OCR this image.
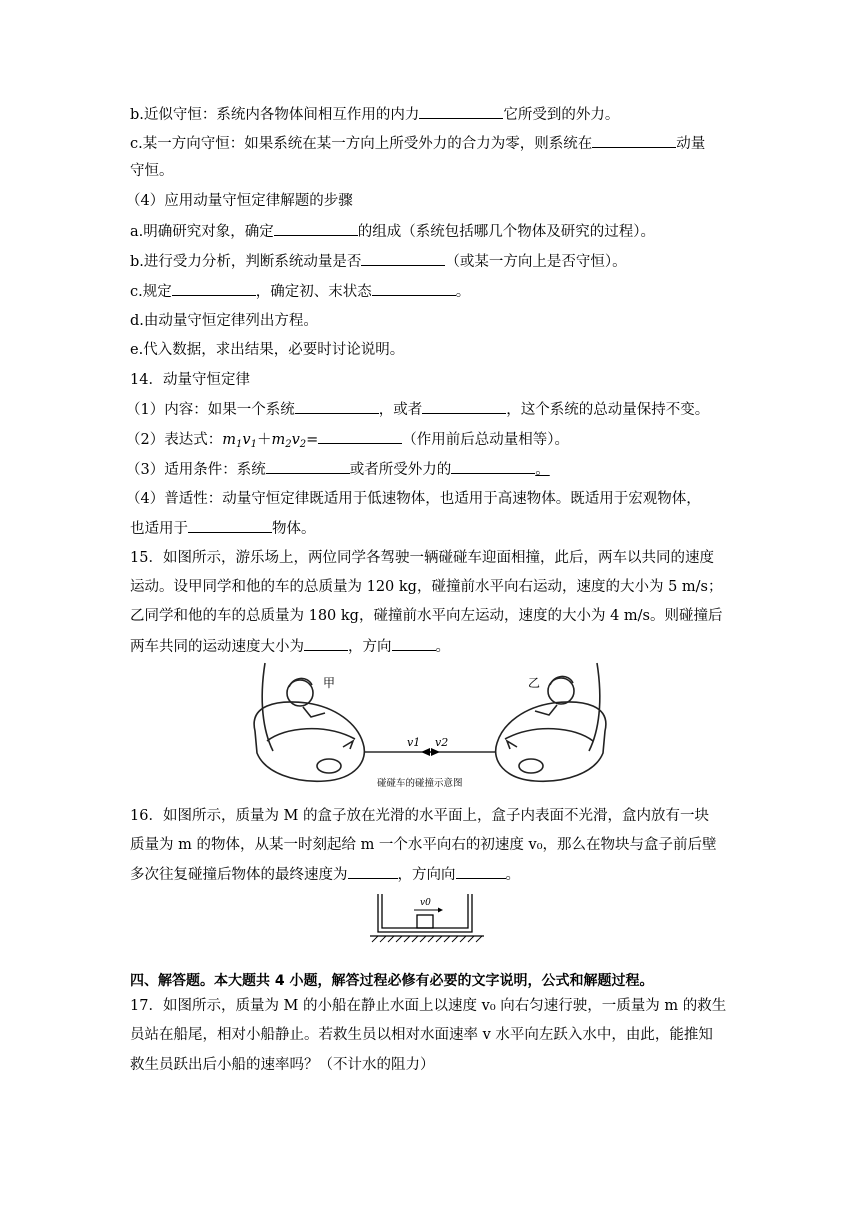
b.近似守恒：系统内各物体间相互作用的内力	它所受到的外力。
c.某一方向守恒：如果系统在某一方向上所受外力的合力为零，则系统在	动量
守恒。
（4）应用动量守恒定律解题的步骤
a.明确研究对象，确定	的组成（系统包括哪几个物体及研究的过程）。
b.进行受力分析，判断系统动量是否	（或某一方向上是否守恒）。
c.规定	，确定初、末状态	。
d.由动量守恒定律列出方程。
e.代入数据，求出结果，必要时讨论说明。
14．动量守恒定律
（1）内容：如果一个系统	，或者	，这个系统的总动量保持不变。
（2）表达式：$m_1v_1+m_2v_2=$	（作用前后总动量相等）。
（3）适用条件：系统	或者所受外力的	。
（4）普适性：动量守恒定律既适用于低速物体，也适用于高速物体。既适用于宏观物体，
也适用于	物体。
15．如图所示，游乐场上，两位同学各驾驶一辆碰碰车迎面相撞，此后，两车以共同的速度
运动。设甲同学和他的车的总质量为 120 kg，碰撞前水平向右运动，速度的大小为 5 m/s；
乙同学和他的车的总质量为 180 kg，碰撞前水平向左运动，速度的大小为 4 m/s。则碰撞后
两车共同的运动速度大小为	，方向	。
甲	乙
v1 v2
碰碰车的碰撞示意图
16．如图所示，质量为 M 的盒子放在光滑的水平面上，盒子内表面不光滑，盒内放有一块
质量为 m 的物体，从某一时刻起给 m 一个水平向右的初速度 v₀，那么在物块与盒子前后壁
多次往复碰撞后物体的最终速度为	，方向向	。
v0
四、解答题。本大题共 4 小题，解答过程必修有必要的文字说明，公式和解题过程。
17．如图所示，质量为 M 的小船在静止水面上以速度 v₀ 向右匀速行驶，一质量为 m 的救生
员站在船尾，相对小船静止。若救生员以相对水面速率 v 水平向左跃入水中，由此，能推知
救生员跃出后小船的速率吗？（不计水的阻力）
